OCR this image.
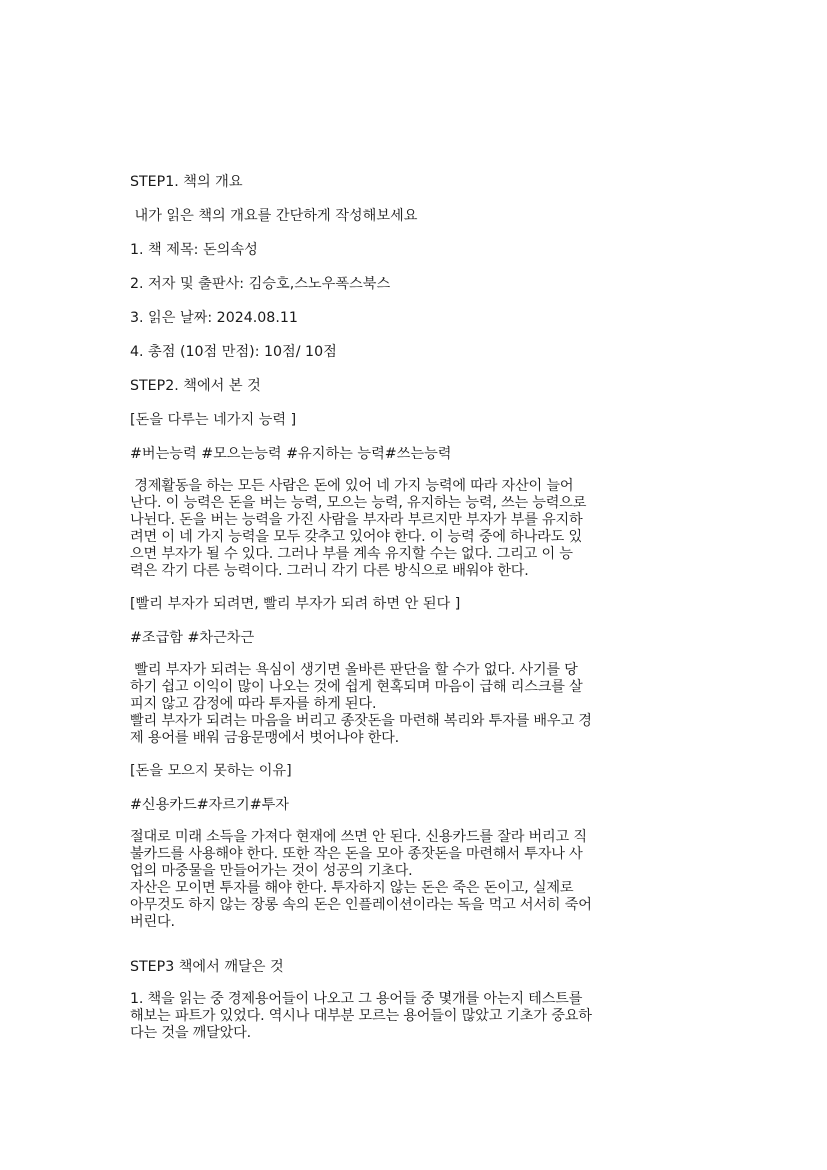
STEP1. 책의 개요
내가 읽은 책의 개요를 간단하게 작성해보세요
1. 책 제목: 돈의속성
2. 저자 및 출판사: 김승호,스노우폭스북스
3. 읽은 날짜: 2024.08.11
4. 총점 (10점 만점): 10점/ 10점
STEP2. 책에서 본 것
[돈을 다루는 네가지 능력 ]
#버는능력 #모으는능력 #유지하는 능력#쓰는능력
경제활동을 하는 모든 사람은 돈에 있어 네 가지 능력에 따라 자산이 늘어
난다. 이 능력은 돈을 버는 능력, 모으는 능력, 유지하는 능력, 쓰는 능력으로
나뉜다. 돈을 버는 능력을 가진 사람을 부자라 부르지만 부자가 부를 유지하
려면 이 네 가지 능력을 모두 갖추고 있어야 한다. 이 능력 중에 하나라도 있
으면 부자가 될 수 있다. 그러나 부를 계속 유지할 수는 없다. 그리고 이 능
력은 각기 다른 능력이다. 그러니 각기 다른 방식으로 배워야 한다.
[빨리 부자가 되려면, 빨리 부자가 되려 하면 안 된다 ]
#조급함 #차근차근
빨리 부자가 되려는 욕심이 생기면 올바른 판단을 할 수가 없다. 사기를 당
하기 쉽고 이익이 많이 나오는 것에 쉽게 현혹되며 마음이 급해 리스크를 살
피지 않고 감정에 따라 투자를 하게 된다.
빨리 부자가 되려는 마음을 버리고 종잣돈을 마련해 복리와 투자를 배우고 경
제 용어를 배워 금융문맹에서 벗어나야 한다.
[돈을 모으지 못하는 이유]
#신용카드#자르기#투자
절대로 미래 소득을 가져다 현재에 쓰면 안 된다. 신용카드를 잘라 버리고 직
불카드를 사용해야 한다. 또한 작은 돈을 모아 종잣돈을 마련해서 투자나 사
업의 마중물을 만들어가는 것이 성공의 기초다.
자산은 모이면 투자를 해야 한다. 투자하지 않는 돈은 죽은 돈이고, 실제로
아무것도 하지 않는 장롱 속의 돈은 인플레이션이라는 독을 먹고 서서히 죽어
버린다.
STEP3 책에서 깨달은 것
1. 책을 읽는 중 경제용어들이 나오고 그 용어들 중 몇개를 아는지 테스트를
해보는 파트가 있었다. 역시나 대부분 모르는 용어들이 많았고 기초가 중요하
다는 것을 깨달았다.
